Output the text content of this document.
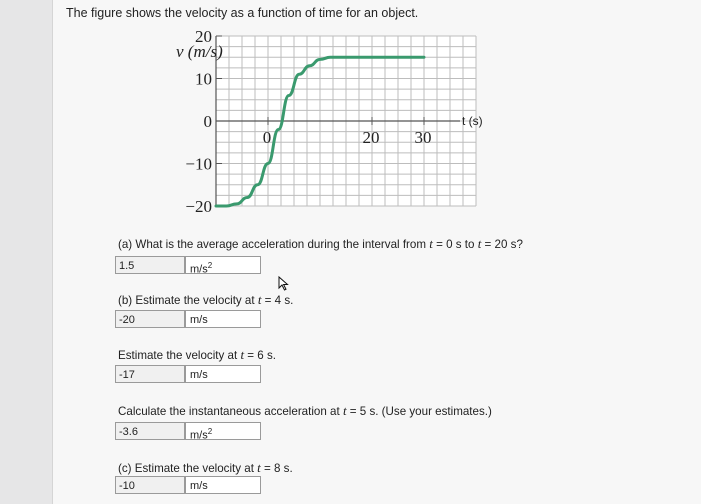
The figure shows the velocity as a function of time for an object.
20
10
0
−10
−20
0	20 30
v (m/s)
t (s)
(a) What is the average acceleration during the interval from t = 0 s to t = 20 s?
1.5	$m/s^2$
(b) Estimate the velocity at t = 4 s.
-20	m/s
Estimate the velocity at t = 6 s.
-17	m/s
Calculate the instantaneous acceleration at t = 5 s. (Use your estimates.)
-3.6	$m/s^2$
(c) Estimate the velocity at t = 8 s.
-10	m/s
